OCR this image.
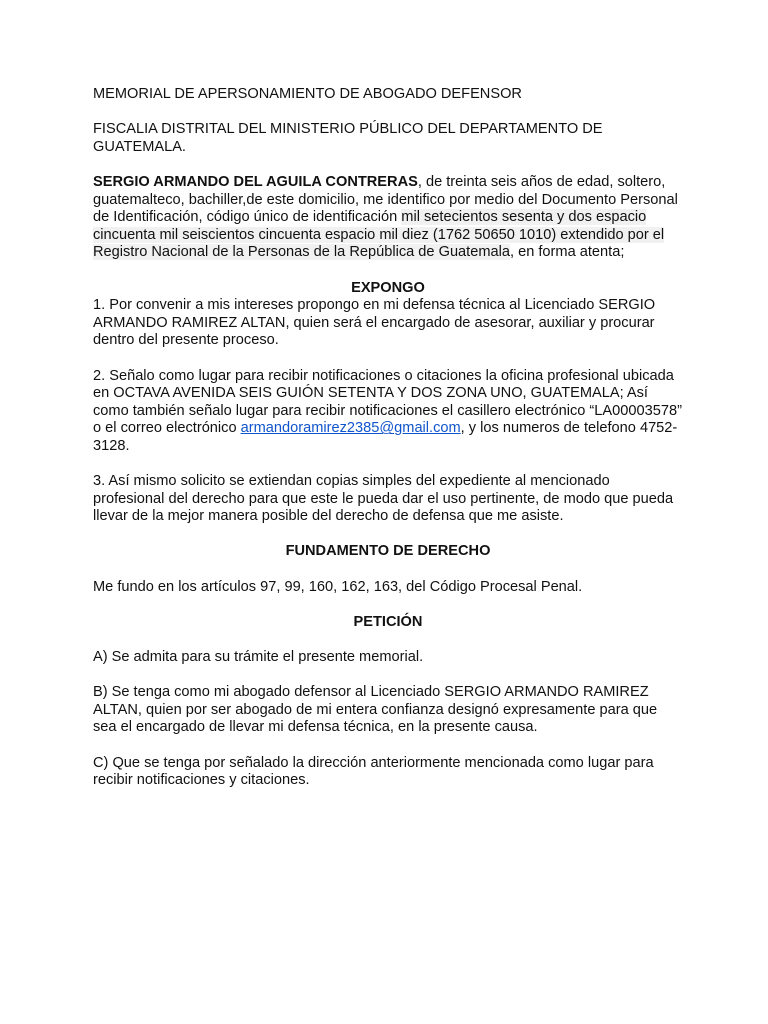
MEMORIAL DE APERSONAMIENTO DE ABOGADO DEFENSOR

FISCALIA DISTRITAL DEL MINISTERIO PÚBLICO DEL DEPARTAMENTO DE GUATEMALA.

SERGIO ARMANDO DEL AGUILA CONTRERAS, de treinta seis años de edad, soltero, guatemalteco, bachiller,de este domicilio, me identifico por medio del Documento Personal de Identificación, código único de identificación mil setecientos sesenta y dos espacio cincuenta mil seiscientos cincuenta espacio mil diez (1762 50650 1010) extendido por el Registro Nacional de la Personas de la República de Guatemala, en forma atenta;

EXPONGO

1. Por convenir a mis intereses propongo en mi defensa técnica al Licenciado SERGIO ARMANDO RAMIREZ ALTAN, quien será el encargado de asesorar, auxiliar y procurar dentro del presente proceso.

2. Señalo como lugar para recibir notificaciones o citaciones la oficina profesional ubicada en OCTAVA AVENIDA SEIS GUIÓN SETENTA Y DOS ZONA UNO, GUATEMALA; Así como también señalo lugar para recibir notificaciones el casillero electrónico “LA00003578” o el correo electrónico armandoramirez2385@gmail.com, y los numeros de telefono 4752-3128.

3. Así mismo solicito se extiendan copias simples del expediente al mencionado profesional del derecho para que este le pueda dar el uso pertinente, de modo que pueda llevar de la mejor manera posible del derecho de defensa que me asiste.

FUNDAMENTO DE DERECHO

Me fundo en los artículos 97, 99, 160, 162, 163, del Código Procesal Penal.

PETICIÓN

A) Se admita para su trámite el presente memorial.

B) Se tenga como mi abogado defensor al Licenciado SERGIO ARMANDO RAMIREZ ALTAN, quien por ser abogado de mi entera confianza designó expresamente para que sea el encargado de llevar mi defensa técnica, en la presente causa.

C) Que se tenga por señalado la dirección anteriormente mencionada como lugar para recibir notificaciones y citaciones.
